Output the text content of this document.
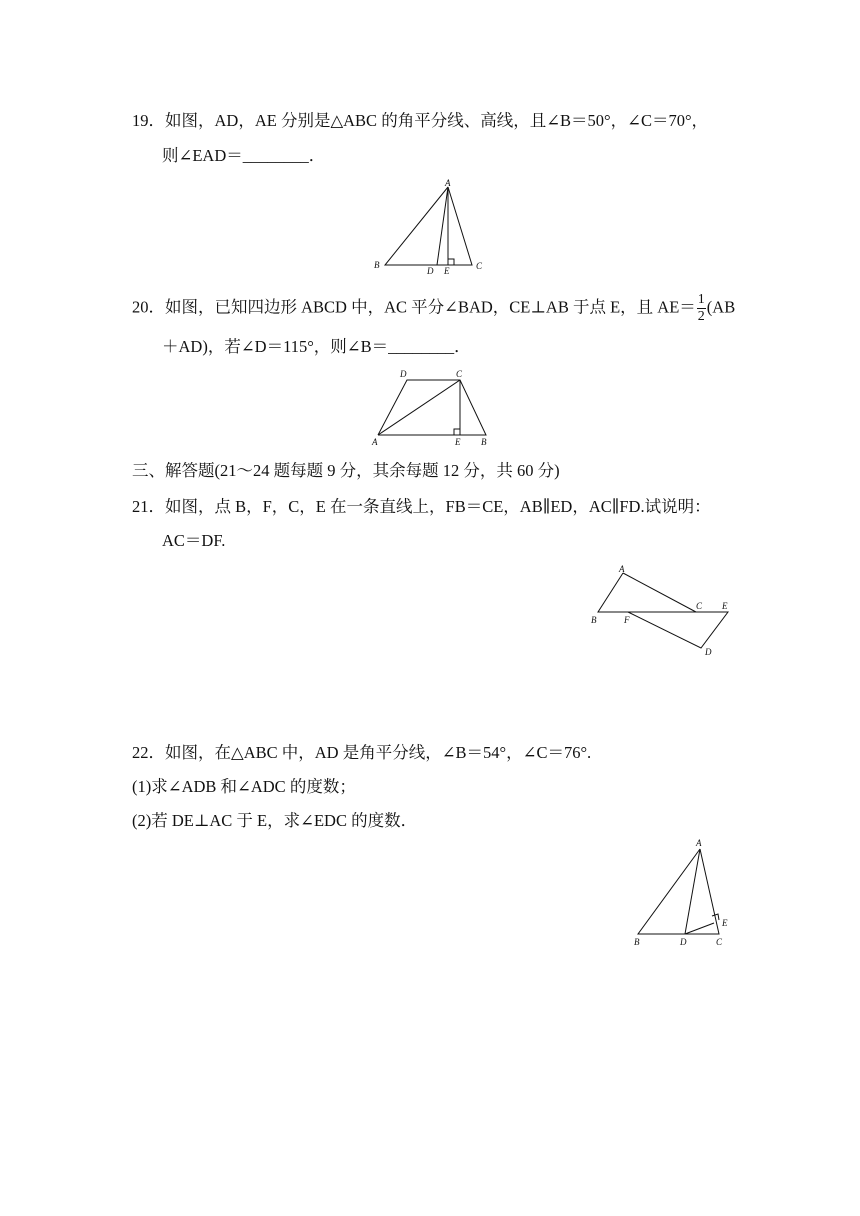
19．如图，AD，AE 分别是△ABC 的角平分线、高线，且∠B＝50°，∠C＝70°，
则∠EAD＝________．
A
B
D E	C
20．如图，已知四边形 ABCD 中，AC 平分∠BAD，CE⊥AB 于点 E，且 $AE= \frac{1}{2} (AB$
＋AD)，若∠D＝115°，则∠B＝________．
D	C
A	E B
三、解答题(21～24 题每题 9 分，其余每题 12 分，共 60 分)
21．如图，点 B，F，C，E 在一条直线上，FB＝CE，AB∥ED，AC∥FD.试说明：
AC＝DF.
A
B	F
C E
D
22．如图，在△ABC 中，AD 是角平分线，∠B＝54°，∠C＝76°.
(1)求∠ADB 和∠ADC 的度数；
(2)若 DE⊥AC 于 E，求∠EDC 的度数．
A
B	D	C
E
